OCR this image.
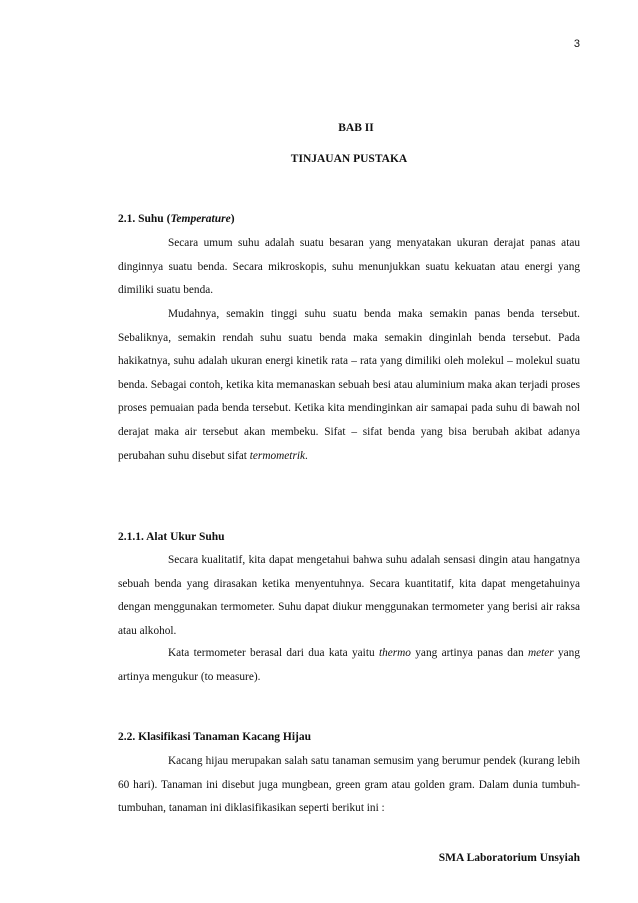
3
BAB II
TINJAUAN PUSTAKA
2.1. Suhu (Temperature)

Secara umum suhu adalah suatu besaran yang menyatakan ukuran derajat panas atau dinginnya suatu benda. Secara mikroskopis, suhu menunjukkan suatu kekuatan atau energi yang dimiliki suatu benda.

Mudahnya, semakin tinggi suhu suatu benda maka semakin panas benda tersebut. Sebaliknya, semakin rendah suhu suatu benda maka semakin dinginlah benda tersebut. Pada hakikatnya, suhu adalah ukuran energi kinetik rata – rata yang dimiliki oleh molekul – molekul suatu benda. Sebagai contoh, ketika kita memanaskan sebuah besi atau aluminium maka akan terjadi proses proses pemuaian pada benda tersebut. Ketika kita mendinginkan air samapai pada suhu di bawah nol derajat maka air tersebut akan membeku. Sifat – sifat benda yang bisa berubah akibat adanya perubahan suhu disebut sifat termometrik.

2.1.1. Alat Ukur Suhu

Secara kualitatif, kita dapat mengetahui bahwa suhu adalah sensasi dingin atau hangatnya sebuah benda yang dirasakan ketika menyentuhnya. Secara kuantitatif, kita dapat mengetahuinya dengan menggunakan termometer. Suhu dapat diukur menggunakan termometer yang berisi air raksa atau alkohol.

Kata termometer berasal dari dua kata yaitu thermo yang artinya panas dan meter yang artinya mengukur (to measure).

2.2. Klasifikasi Tanaman Kacang Hijau

Kacang hijau merupakan salah satu tanaman semusim yang berumur pendek (kurang lebih 60 hari). Tanaman ini disebut juga mungbean, green gram atau golden gram. Dalam dunia tumbuh-tumbuhan, tanaman ini diklasifikasikan seperti berikut ini :

SMA Laboratorium Unsyiah
